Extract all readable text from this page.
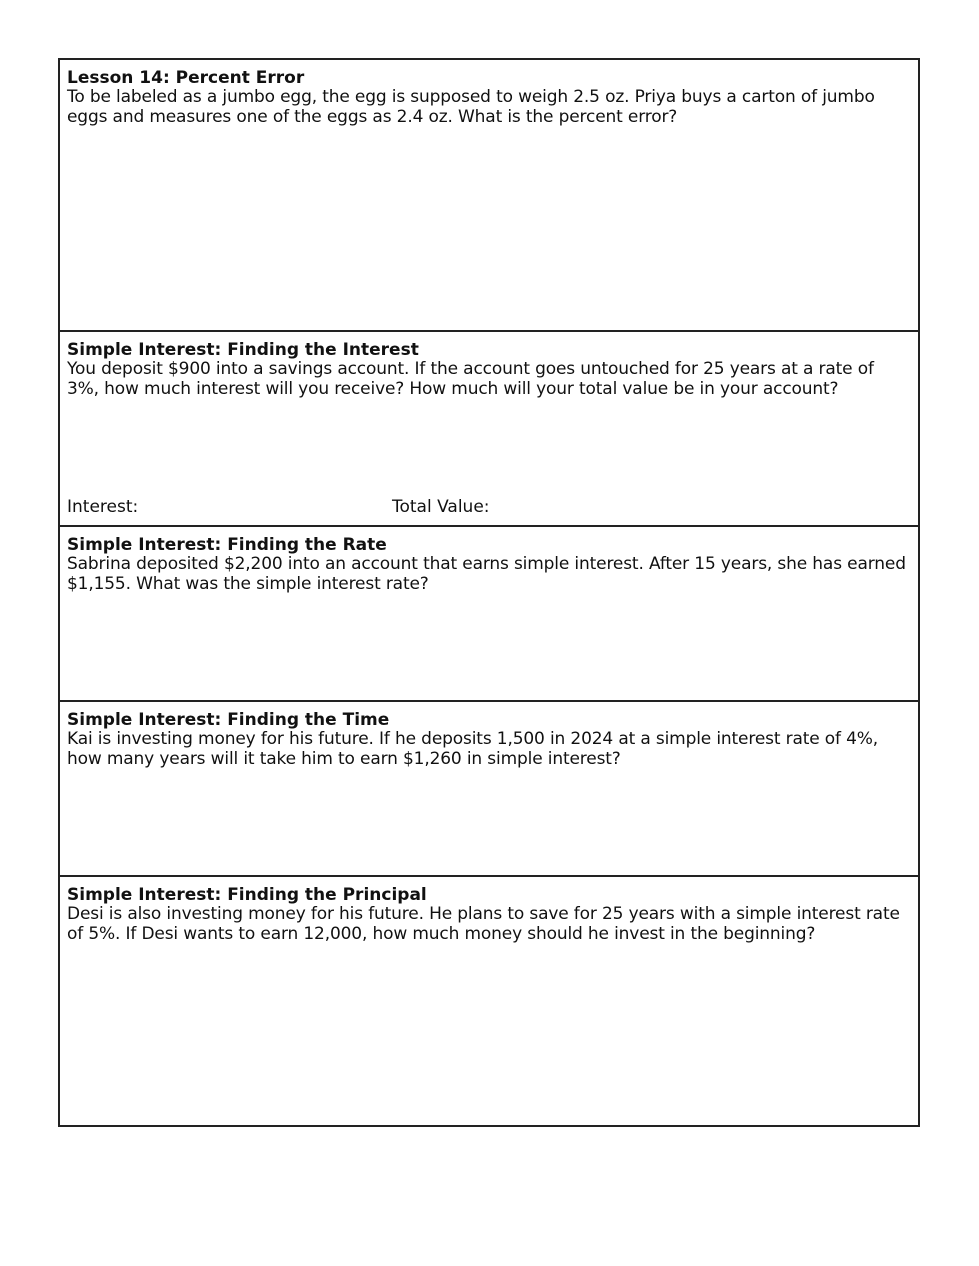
Lesson 14: Percent Error

To be labeled as a jumbo egg, the egg is supposed to weigh 2.5 oz. Priya buys a carton of jumbo eggs and measures one of the eggs as 2.4 oz. What is the percent error?

Simple Interest: Finding the Interest

You deposit $900 into a savings account. If the account goes untouched for 25 years at a rate of 3%, how much interest will you receive? How much will your total value be in your account?

Interest:	Total Value:

Simple Interest: Finding the Rate

Sabrina deposited $2,200 into an account that earns simple interest. After 15 years, she has earned $1,155. What was the simple interest rate?

Simple Interest: Finding the Time

Kai is investing money for his future. If he deposits 1,500 in 2024 at a simple interest rate of 4%, how many years will it take him to earn $1,260 in simple interest?

Simple Interest: Finding the Principal

Desi is also investing money for his future. He plans to save for 25 years with a simple interest rate of 5%. If Desi wants to earn 12,000, how much money should he invest in the beginning?
